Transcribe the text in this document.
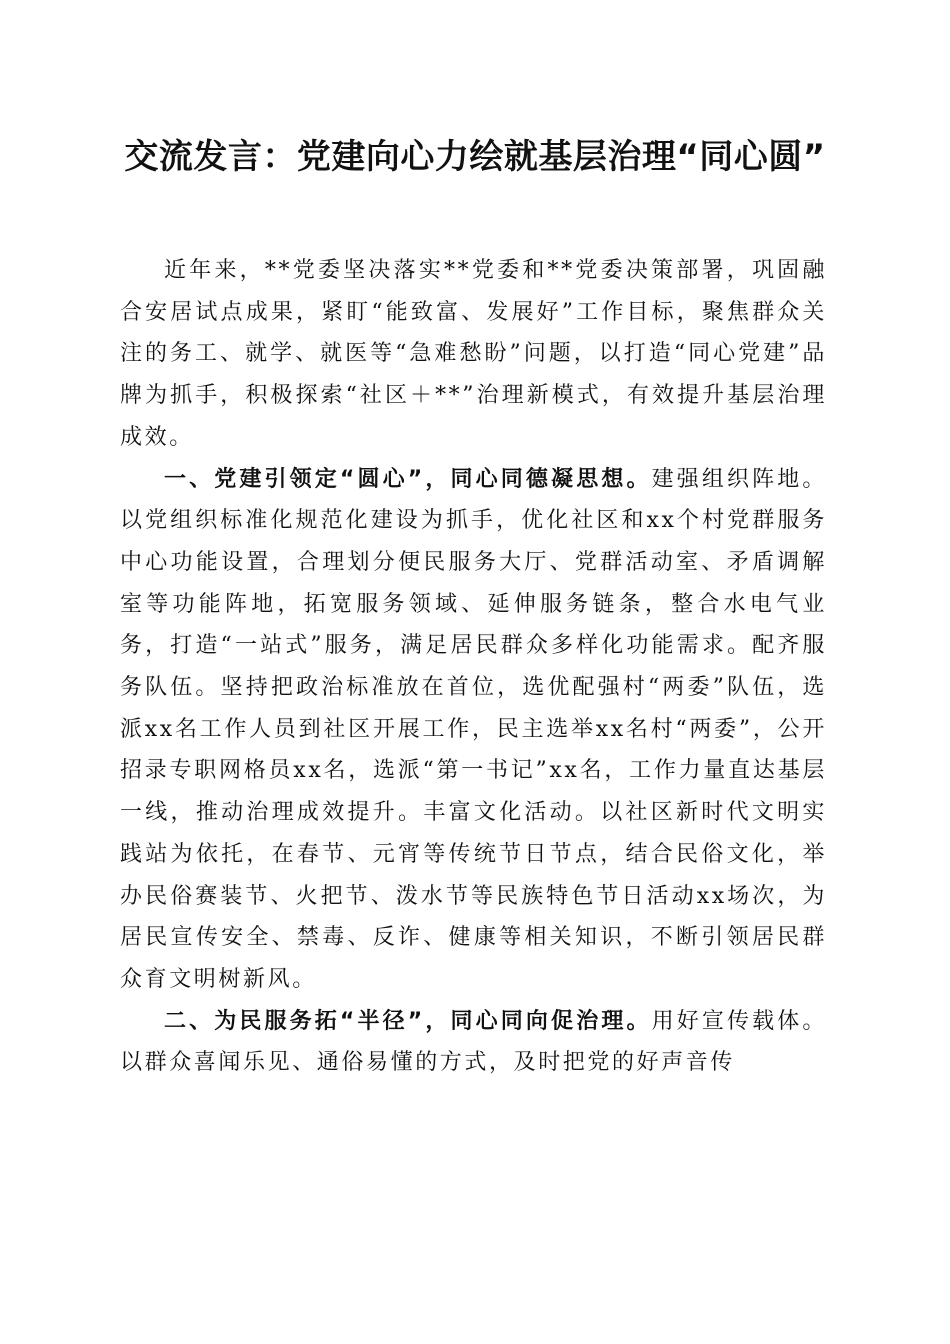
交流发言：党建向心力绘就基层治理“同心圆”

近年来，**党委坚决落实**党委和**党委决策部署，巩固融合安居试点成果，紧盯“能致富、发展好”工作目标，聚焦群众关注的务工、就学、就医等“急难愁盼”问题，以打造“同心党建”品牌为抓手，积极探索“社区＋**”治理新模式，有效提升基层治理成效。

一、党建引领定“圆心”，同心同德凝思想。建强组织阵地。以党组织标准化规范化建设为抓手，优化社区和xx个村党群服务中心功能设置，合理划分便民服务大厅、党群活动室、矛盾调解室等功能阵地，拓宽服务领域、延伸服务链条，整合水电气业务，打造“一站式”服务，满足居民群众多样化功能需求。配齐服务队伍。坚持把政治标准放在首位，选优配强村“两委”队伍，选派xx名工作人员到社区开展工作，民主选举xx名村“两委”，公开招录专职网格员xx名，选派“第一书记”xx名，工作力量直达基层一线，推动治理成效提升。丰富文化活动。以社区新时代文明实践站为依托，在春节、元宵等传统节日节点，结合民俗文化，举办民俗赛装节、火把节、泼水节等民族特色节日活动xx场次，为居民宣传安全、禁毒、反诈、健康等相关知识，不断引领居民群众育文明树新风。

二、为民服务拓“半径”，同心同向促治理。用好宣传载体。以群众喜闻乐见、通俗易懂的方式，及时把党的好声音传
